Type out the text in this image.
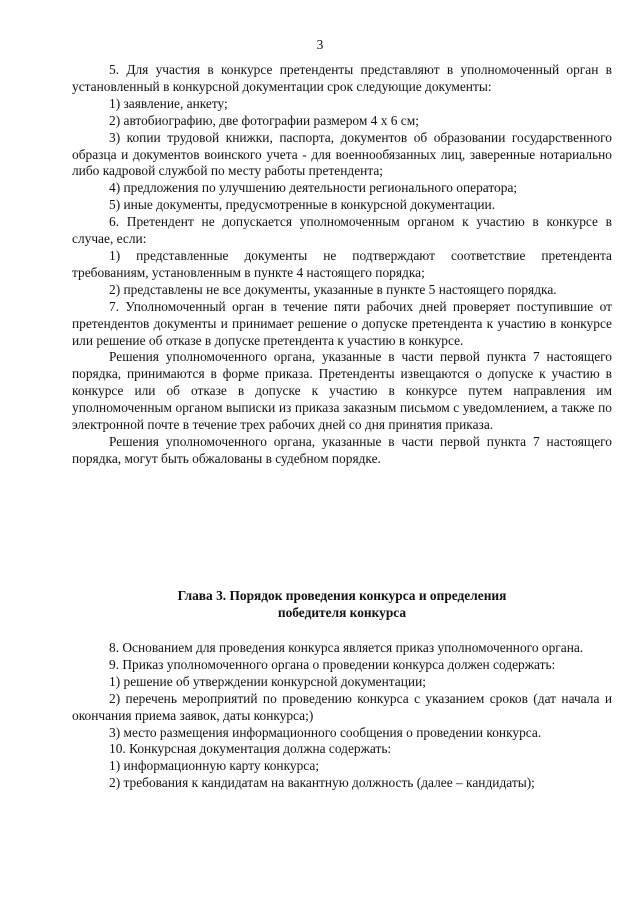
3

5. Для участия в конкурсе претенденты представляют в уполномоченный орган в установленный в конкурсной документации срок следующие документы:

1) заявление, анкету;

2) автобиографию, две фотографии размером 4 х 6 см;

3) копии трудовой книжки, паспорта, документов об образовании государственного образца и документов воинского учета - для военнообязанных лиц, заверенные нотариально либо кадровой службой по месту работы претендента;

4) предложения по улучшению деятельности регионального оператора;

5) иные документы, предусмотренные в конкурсной документации.

6. Претендент не допускается уполномоченным органом к участию в конкурсе в случае, если:

1) представленные документы не подтверждают соответствие претендента требованиям, установленным в пункте 4 настоящего порядка;

2) представлены не все документы, указанные в пункте 5 настоящего порядка.

7. Уполномоченный орган в течение пяти рабочих дней проверяет поступившие от претендентов документы и принимает решение о допуске претендента к участию в конкурсе или решение об отказе в допуске претендента к участию в конкурсе.

Решения уполномоченного органа, указанные в части первой пункта 7 настоящего порядка, принимаются в форме приказа. Претенденты извещаются о допуске к участию в конкурсе или об отказе в допуске к участию в конкурсе путем направления им уполномоченным органом выписки из приказа заказным письмом с уведомлением, а также по электронной почте в течение трех рабочих дней со дня принятия приказа.

Решения уполномоченного органа, указанные в части первой пункта 7 настоящего порядка, могут быть обжалованы в судебном порядке.

Глава 3. Порядок проведения конкурса и определения
победителя конкурса

8. Основанием для проведения конкурса является приказ уполномоченного органа.

9. Приказ уполномоченного органа о проведении конкурса должен содержать:

1) решение об утверждении конкурсной документации;

2) перечень мероприятий по проведению конкурса с указанием сроков (дат начала и окончания приема заявок, даты конкурса;)

3) место размещения информационного сообщения о проведении конкурса.

10. Конкурсная документация должна содержать:

1) информационную карту конкурса;

2) требования к кандидатам на вакантную должность (далее – кандидаты);
